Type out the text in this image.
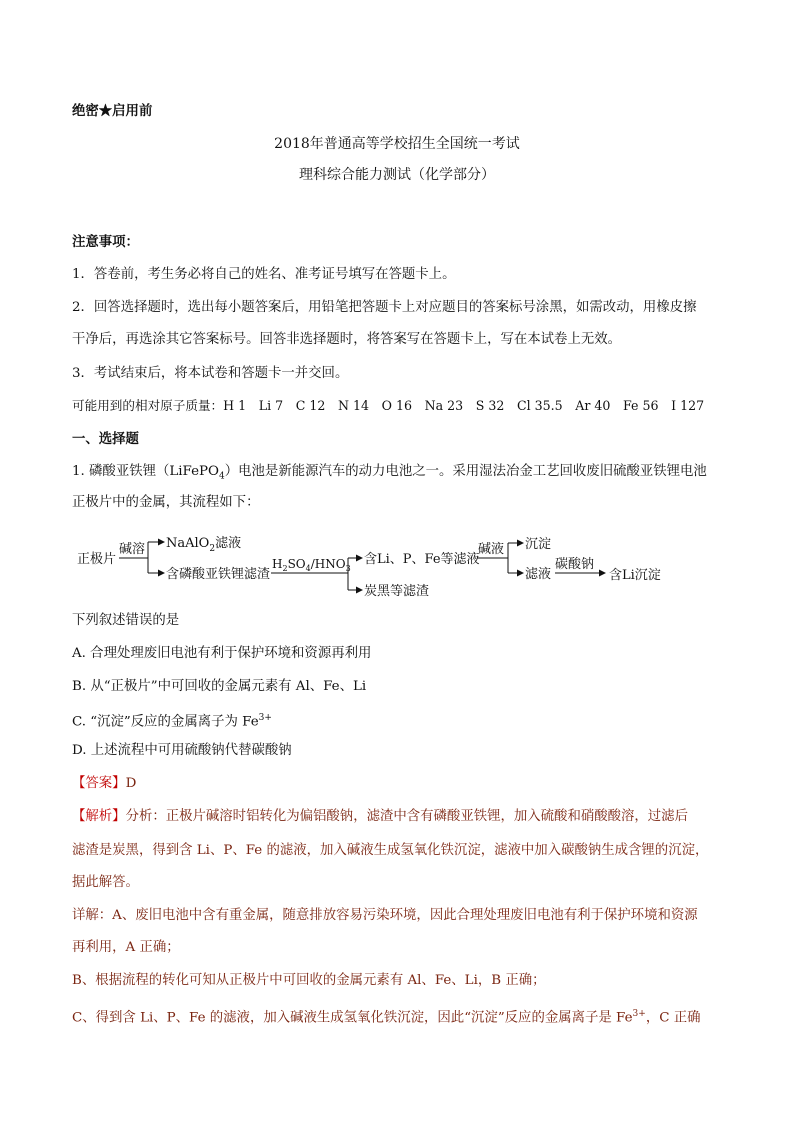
绝密★启用前
2018年普通高等学校招生全国统一考试
理科综合能力测试（化学部分）
注意事项：
1．答卷前，考生务必将自己的姓名、准考证号填写在答题卡上。
2．回答选择题时，选出每小题答案后，用铅笔把答题卡上对应题目的答案标号涂黑，如需改动，用橡皮擦
干净后，再选涂其它答案标号。回答非选择题时，将答案写在答题卡上，写在本试卷上无效。
3．考试结束后，将本试卷和答题卡一并交回。
可能用到的相对原子质量：H 1　Li 7　C 12　N 14　O 16　Na 23　S 32　Cl 35.5　Ar 40　Fe 56　I 127
一、选择题
1. 磷酸亚铁锂（LiFePO$_4$）电池是新能源汽车的动力电池之一。采用湿法冶金工艺回收废旧硫酸亚铁锂电池
正极片中的金属，其流程如下：
正极片
碱溶 NaAlO$_2$滤液
含磷酸亚铁锂滤渣
$H_2SO_4/HNO_3$
含Li、P、Fe等滤液
炭黑等滤渣
碱液 沉淀
滤液
碳酸钠
含Li沉淀
下列叙述错误的是
A. 合理处理废旧电池有利于保护环境和资源再利用
B. 从“正极片”中可回收的金属元素有 Al、Fe、Li
C. “沉淀”反应的金属离子为 $Fe^{3+}$
D. 上述流程中可用硫酸钠代替碳酸钠
【答案】D
【解析】分析：正极片碱溶时铝转化为偏铝酸钠，滤渣中含有磷酸亚铁锂，加入硫酸和硝酸酸溶，过滤后
滤渣是炭黑，得到含 Li、P、Fe 的滤液，加入碱液生成氢氧化铁沉淀，滤液中加入碳酸钠生成含锂的沉淀，
据此解答。
详解：A、废旧电池中含有重金属，随意排放容易污染环境，因此合理处理废旧电池有利于保护环境和资源
再利用，A 正确；
B、根据流程的转化可知从正极片中可回收的金属元素有 Al、Fe、Li，B 正确；
C、得到含 Li、P、Fe 的滤液，加入碱液生成氢氧化铁沉淀，因此“沉淀”反应的金属离子是 $Fe^{3+}$，C 正确
